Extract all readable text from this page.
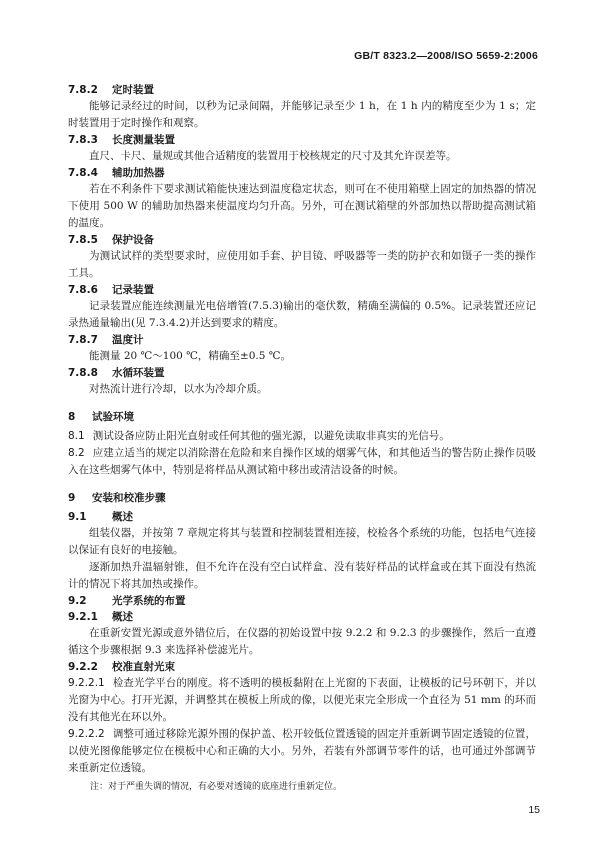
GB/T 8323.2—2008/ISO 5659-2:2006
7.8.2 定时装置

能够记录经过的时间，以秒为记录间隔，并能够记录至少 1 h，在 1 h 内的精度至少为 1 s；定时装置用于定时操作和观察。

7.8.3 长度测量装置

直尺、卡尺、量规或其他合适精度的装置用于校核规定的尺寸及其允许误差等。

7.8.4 辅助加热器

若在不利条件下要求测试箱能快速达到温度稳定状态，则可在不使用箱壁上固定的加热器的情况下使用 500 W 的辅助加热器来使温度均匀升高。另外，可在测试箱壁的外部加热以帮助提高测试箱的温度。

7.8.5 保护设备

为测试试样的类型要求时，应使用如手套、护目镜、呼吸器等一类的防护衣和如镊子一类的操作工具。

7.8.6 记录装置

记录装置应能连续测量光电倍增管(7.5.3)输出的毫伏数，精确至满偏的 0.5%。记录装置还应记录热通量输出(见 7.3.4.2)并达到要求的精度。

7.8.7 温度计

能测量 20 ℃～100 ℃，精确至±0.5 ℃。

7.8.8 水循环装置

对热流计进行冷却，以水为冷却介质。

8 试验环境

8.1 测试设备应防止阳光直射或任何其他的强光源，以避免读取非真实的光信号。

8.2 应建立适当的规定以消除潜在危险和来自操作区域的烟雾气体，和其他适当的警告防止操作员吸入在这些烟雾气体中，特别是将样品从测试箱中移出或清洁设备的时候。

9 安装和校准步骤
9.1 概述

组装仪器，并按第 7 章规定将其与装置和控制装置相连接，校检各个系统的功能，包括电气连接以保证有良好的电接触。

逐渐加热升温辐射锥，但不允许在没有空白试样盒、没有装好样品的试样盒或在其下面没有热流计的情况下将其加热或操作。

9.2 光学系统的布置
9.2.1 概述

在重新安置光源或意外错位后，在仪器的初始设置中按 9.2.2 和 9.2.3 的步骤操作，然后一直遵循这个步骤根据 9.3 来选择补偿滤光片。

9.2.2 校准直射光束

9.2.2.1 检查光学平台的刚度。将不透明的模板黏附在上光窗的下表面，让模板的记号环朝下，并以光窗为中心。打开光源，并调整其在模板上所成的像，以便光束完全形成一个直径为 51 mm 的环而没有其他光在环以外。

9.2.2.2 调整可通过移除光源外围的保护盖、松开较低位置透镜的固定并重新调节固定透镜的位置，以使光图像能够定位在模板中心和正确的大小。另外，若装有外部调节零件的话，也可通过外部调节来重新定位透镜。

注：对于严重失调的情况，有必要对透镜的底座进行重新定位。
15
